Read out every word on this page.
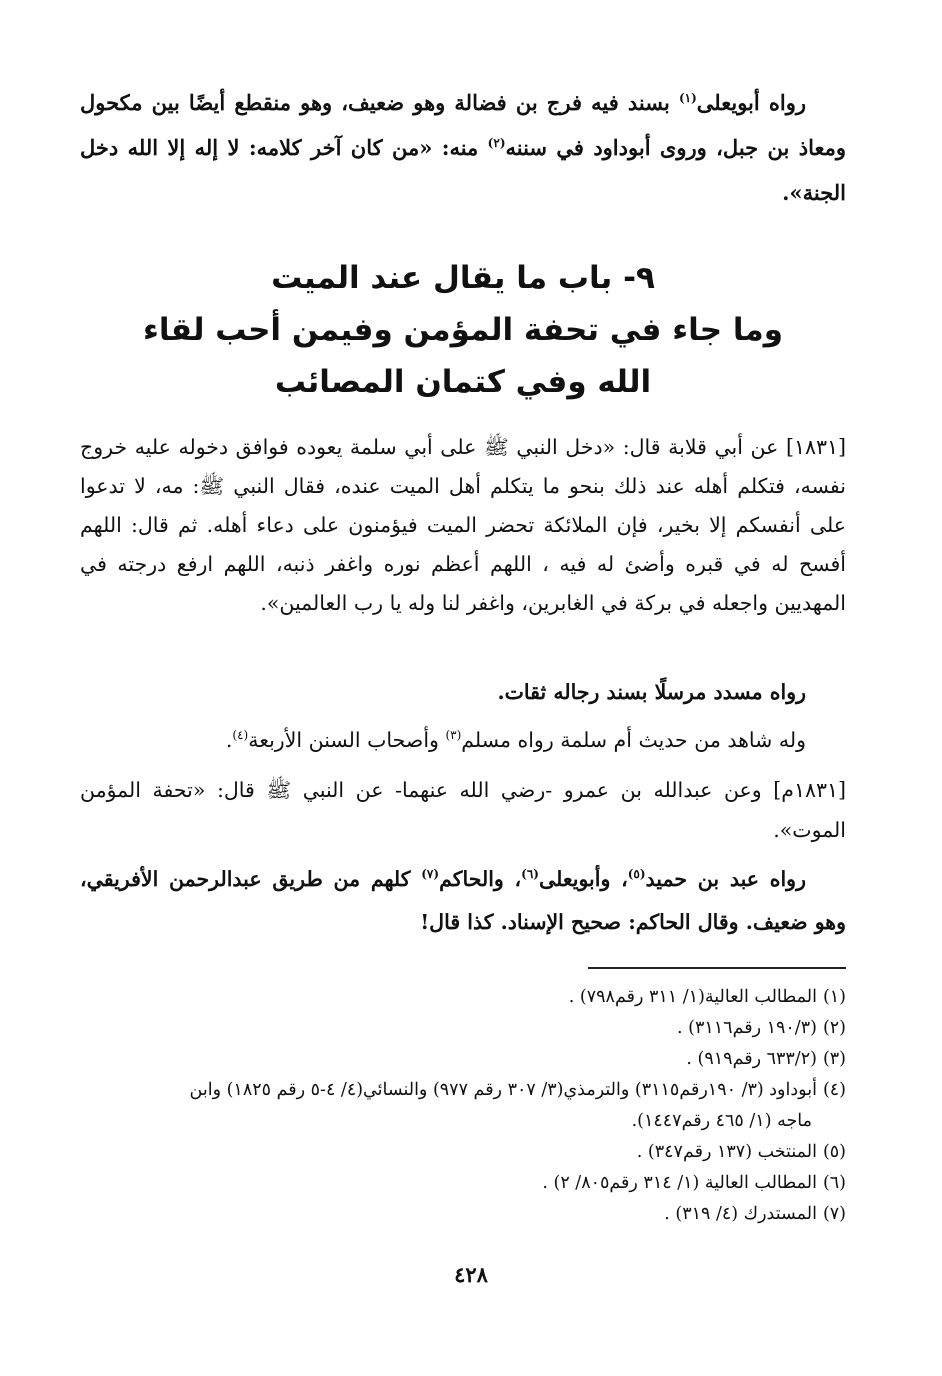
رواه أبويعلى$^{(١)}$ بسند فيه فرج بن فضالة وهو ضعيف، وهو منقطع أيضًا بين مكحول ومعاذ بن جبل، وروى أبوداود في سننه$^{(٢)}$ منه: «من كان آخر كلامه: لا إله إلا الله دخل الجنة».
٩- باب ما يقال عند الميت
وما جاء في تحفة المؤمن وفيمن أحب لقاء
الله وفي كتمان المصائب
[١٨٣١] عن أبي قلابة قال: «دخل النبي ﷺ على أبي سلمة يعوده فوافق دخوله عليه خروج نفسه، فتكلم أهله عند ذلك بنحو ما يتكلم أهل الميت عنده، فقال النبي ﷺ: مه، لا تدعوا على أنفسكم إلا بخير، فإن الملائكة تحضر الميت فيؤمنون على دعاء أهله. ثم قال: اللهم أفسح له في قبره وأضئ له فيه ، اللهم أعظم نوره واغفر ذنبه، اللهم ارفع درجته في المهديين واجعله في بركة في الغابرين، واغفر لنا وله يا رب العالمين».
رواه مسدد مرسلًا بسند رجاله ثقات.
وله شاهد من حديث أم سلمة رواه مسلم$^{(٣)}$ وأصحاب السنن الأربعة$^{(٤)}$.
[١٨٣١م] وعن عبدالله بن عمرو -رضي الله عنهما- عن النبي ﷺ قال: «تحفة المؤمن الموت».
رواه عبد بن حميد$^{(٥)}$، وأبويعلى$^{(٦)}$، والحاكم$^{(٧)}$ كلهم من طريق عبدالرحمن الأفريقي، وهو ضعيف. وقال الحاكم: صحيح الإسناد. كذا قال!
(١)المطالب العالية(١/ ٣١١ رقم٧٩٨) .
(٢)(١٩٠/٣ رقم٣١١٦) .
(٣)(٦٣٣/٢ رقم٩١٩) .
(٤)أبوداود (٣/ ١٩٠رقم٣١١٥) والترمذي(٣/ ٣٠٧ رقم ٩٧٧) والنسائي(٤/ ٤-٥ رقم ١٨٢٥) وابن
ماجه (١/ ٤٦٥ رقم١٤٤٧).
(٥)المنتخب (١٣٧ رقم٣٤٧) .
(٦)المطالب العالية (١/ ٣١٤ رقم٨٠٥/ ٢) .
(٧)المستدرك (٤/ ٣١٩) .
٤٢٨
